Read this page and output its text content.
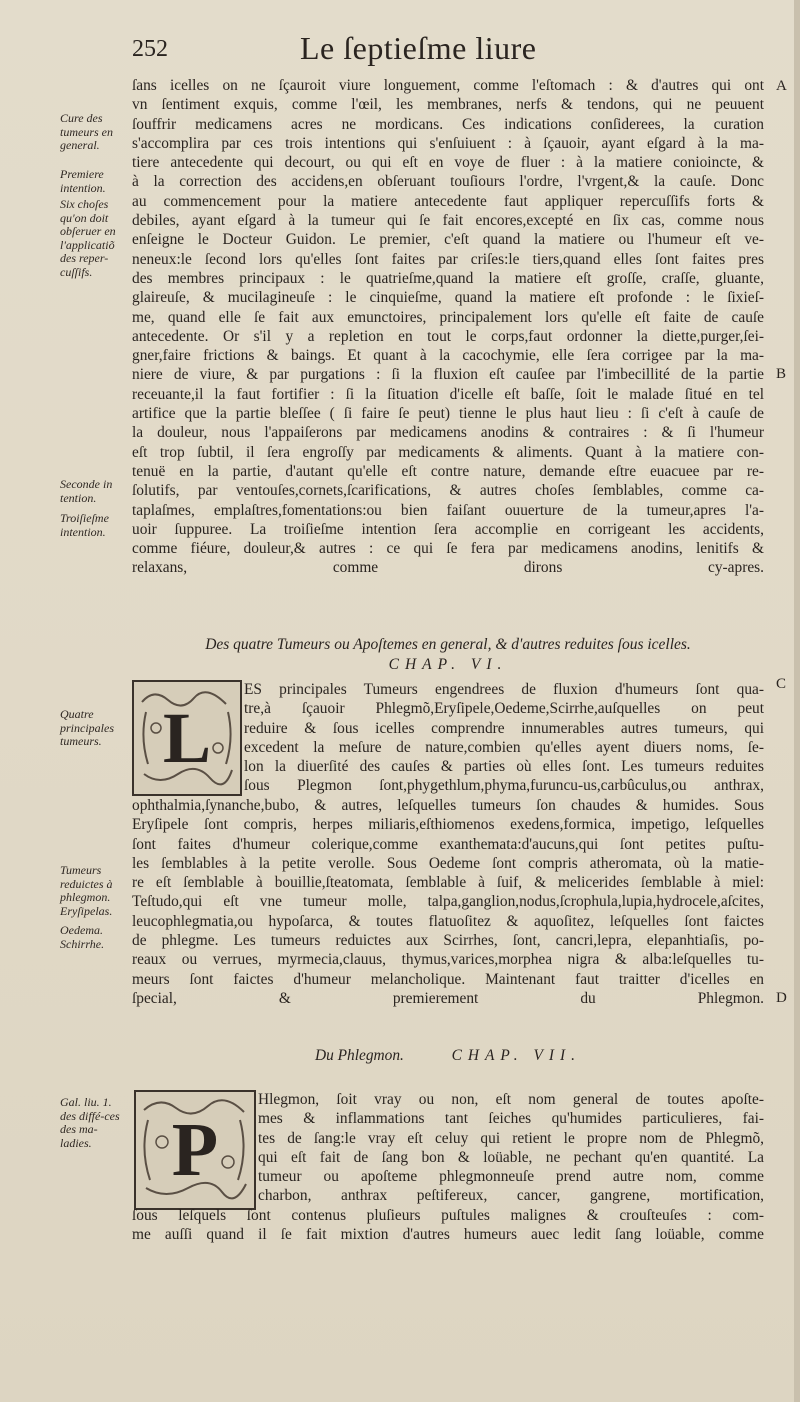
252	Le ſeptieſme liure

ſans icelles on ne ſçauroit viure longuement, comme l'eſtomach : & d'autres qui ont

vn ſentiment exquis, comme l'œil, les membranes, nerfs & tendons, qui ne peuuent

ſouffrir medicamens acres ne mordicans. Ces indications conſiderees, la curation

s'accomplira par ces trois intentions qui s'enſuiuent : à ſçauoir, ayant eſgard à la ma-

tiere antecedente qui decourt, ou qui eſt en voye de fluer : à la matiere conioincte, &

à la correction des accidens,en obſeruant touſiours l'ordre, l'vrgent,& la cauſe. Donc

au commencement pour la matiere antecedente faut appliquer repercuſſifs forts &

debiles, ayant eſgard à la tumeur qui ſe fait encores,excepté en ſix cas, comme nous

enſeigne le Docteur Guidon. Le premier, c'eſt quand la matiere ou l'humeur eſt ve-

neneux:le ſecond lors qu'elles ſont faites par criſes:le tiers,quand elles ſont faites pres

des membres principaux : le quatrieſme,quand la matiere eſt groſſe, craſſe, gluante,

glaireuſe, & mucilagineuſe : le cinquieſme, quand la matiere eſt profonde : le ſixieſ-

me, quand elle ſe fait aux emunctoires, principalement lors qu'elle eſt faite de cauſe

antecedente. Or s'il y a repletion en tout le corps,faut ordonner la diette,purger,ſei-

gner,faire frictions & baings. Et quant à la cacochymie, elle ſera corrigee par la ma-

niere de viure, & par purgations : ſi la fluxion eſt cauſee par l'imbecillité de la partie

receuante,il la faut fortifier : ſi la ſituation d'icelle eſt baſſe, ſoit le malade ſitué en tel

artifice que la partie bleſſee ( ſi faire ſe peut) tienne le plus haut lieu : ſi c'eſt à cauſe de

la douleur, nous l'appaiſerons par medicamens anodins & contraires : & ſi l'humeur

eſt trop ſubtil, il ſera engroſſy par medicaments & aliments. Quant à la matiere con-

tenuë en la partie, d'autant qu'elle eſt contre nature, demande eſtre euacuee par re-

ſolutifs, par ventouſes,cornets,ſcarifications, & autres choſes ſemblables, comme ca-

taplaſmes, emplaſtres,fomentations:ou bien faiſant ouuerture de la tumeur,apres l'a-

uoir ſuppuree. La troiſieſme intention ſera accomplie en corrigeant les accidents,

comme fiéure, douleur,& autres : ce qui ſe fera par medicamens anodins, lenitifs &

relaxans, comme dirons cy-apres.

A
B
C
D
Cure des tumeurs en general.
Premiere intention.
Six choſes qu'on doit obſeruer en l'applicatiõ des reper-cuſſifs.
Seconde in tention.
Troiſieſme intention.
Quatre principales tumeurs.
Tumeurs reduictes à phlegmon. Eryſipelas.
Oedema. Schirrhe.
Gal. liu. 1. des diffé-ces des ma-ladies.
Des quatre Tumeurs ou Apoſtemes en general, & d'autres reduites ſous icelles.
CHAP. VI.
L

ES principales Tumeurs engendrees de fluxion d'humeurs ſont qua-

tre,à ſçauoir Phlegmõ,Eryſipele,Oedeme,Scirrhe,auſquelles on peut

reduire & ſous icelles comprendre innumerables autres tumeurs, qui

excedent la meſure de nature,combien qu'elles ayent diuers noms, ſe-

lon la diuerſité des cauſes & parties où elles ſont. Les tumeurs reduites

ſous Plegmon ſont,phygethlum,phyma,furuncu-us,carbûculus,ou anthrax,

ophthalmia,ſynanche,bubo, & autres, leſquelles tumeurs ſon chaudes & humides. Sous

Eryſipele ſont compris, herpes miliaris,eſthiomenos exedens,formica, impetigo, leſquelles

ſont faites d'humeur colerique,comme exanthemata:d'aucuns,qui ſont petites puſtu-

les ſemblables à la petite verolle. Sous Oedeme ſont compris atheromata, où la matie-

re eſt ſemblable à bouillie,ſteatomata, ſemblable à ſuif, & melicerides ſemblable à miel:

Teſtudo,qui eſt vne tumeur molle, talpa,ganglion,nodus,ſcrophula,lupia,hydrocele,aſcites,

leucophlegmatia,ou hypoſarca, & toutes flatuoſitez & aquoſitez, leſquelles ſont faictes

de phlegme. Les tumeurs reduictes aux Scirrhes, ſont, cancri,lepra, elepanhtiaſis, po-

reaux ou verrues, myrmecia,clauus, thymus,varices,morphea nigra & alba:leſquelles tu-

meurs ſont faictes d'humeur melancholique. Maintenant faut traitter d'icelles en

ſpecial, & premierement du Phlegmon.

Du Phlegmon.	CHAP. VII.
P

Hlegmon, ſoit vray ou non, eſt nom general de toutes apoſte-

mes & inflammations tant ſeiches qu'humides particulieres, fai-

tes de ſang:le vray eſt celuy qui retient le propre nom de Phlegmõ,

qui eſt fait de ſang bon & loüable, ne pechant qu'en quantité. La

tumeur ou apoſteme phlegmonneuſe prend autre nom, comme

charbon, anthrax peſtifereux, cancer, gangrene, mortification,

ſous leſquels ſont contenus pluſieurs puſtules malignes & crouſteuſes : com-

me auſſi quand il ſe fait mixtion d'autres humeurs auec ledit ſang loüable, comme
